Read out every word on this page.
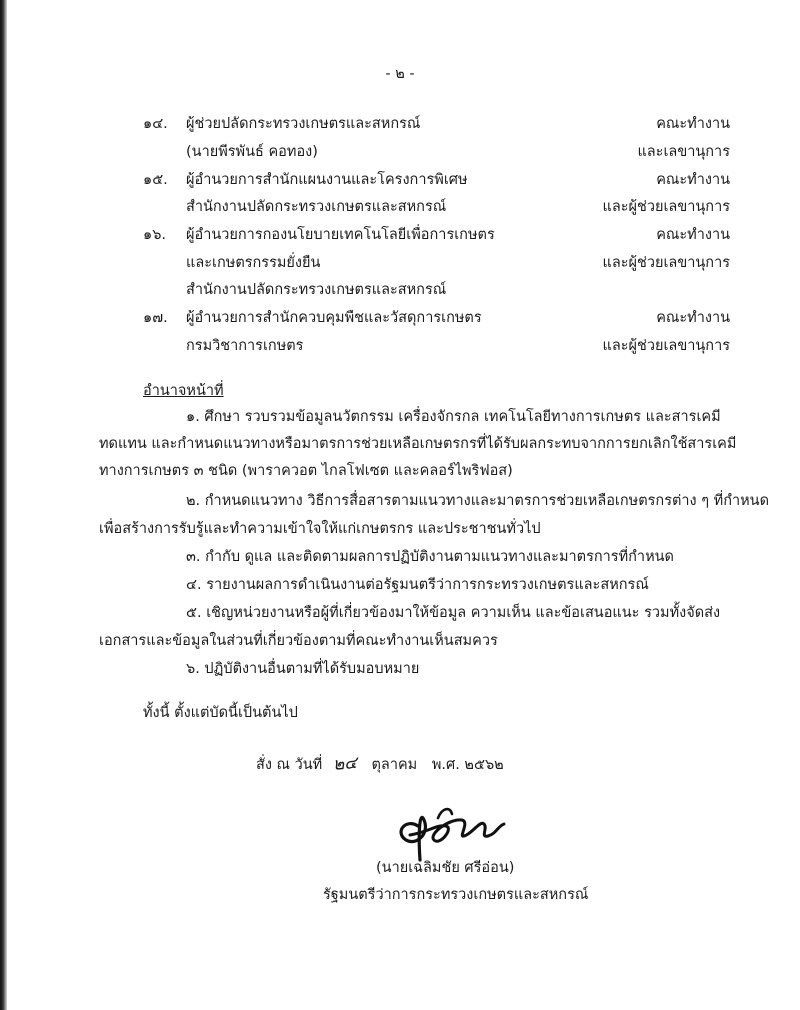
- ๒ -
๑๔. ผู้ช่วยปลัดกระทรวงเกษตรและสหกรณ์
(นายพีรพันธ์ คอทอง)
คณะทำงาน
และเลขานุการ
๑๕. ผู้อำนวยการสำนักแผนงานและโครงการพิเศษ
สำนักงานปลัดกระทรวงเกษตรและสหกรณ์
คณะทำงาน
และผู้ช่วยเลขานุการ
๑๖. ผู้อำนวยการกองนโยบายเทคโนโลยีเพื่อการเกษตร
และเกษตรกรรมยั่งยืน
สำนักงานปลัดกระทรวงเกษตรและสหกรณ์
คณะทำงาน
และผู้ช่วยเลขานุการ
๑๗. ผู้อำนวยการสำนักควบคุมพืชและวัสดุการเกษตร
กรมวิชาการเกษตร
คณะทำงาน
และผู้ช่วยเลขานุการ
อำนาจหน้าที่
๑. ศึกษา รวบรวมข้อมูลนวัตกรรม เครื่องจักรกล เทคโนโลยีทางการเกษตร และสารเคมี
ทดแทน และกำหนดแนวทางหรือมาตรการช่วยเหลือเกษตรกรที่ได้รับผลกระทบจากการยกเลิกใช้สารเคมี
ทางการเกษตร ๓ ชนิด (พาราควอต ไกลโฟเซต และคลอร์ไพริฟอส)
๒. กำหนดแนวทาง วิธีการสื่อสารตามแนวทางและมาตรการช่วยเหลือเกษตรกรต่าง ๆ ที่กำหนด
เพื่อสร้างการรับรู้และทำความเข้าใจให้แก่เกษตรกร และประชาชนทั่วไป
๓. กำกับ ดูแล และติดตามผลการปฏิบัติงานตามแนวทางและมาตรการที่กำหนด
๔. รายงานผลการดำเนินงานต่อรัฐมนตรีว่าการกระทรวงเกษตรและสหกรณ์
๕. เชิญหน่วยงานหรือผู้ที่เกี่ยวข้องมาให้ข้อมูล ความเห็น และข้อเสนอแนะ รวมทั้งจัดส่ง
เอกสารและข้อมูลในส่วนที่เกี่ยวข้องตามที่คณะทำงานเห็นสมควร
๖. ปฏิบัติงานอื่นตามที่ได้รับมอบหมาย
ทั้งนี้ ตั้งแต่บัดนี้เป็นต้นไป
สั่ง ณ วันที่ ๒๔ ตุลาคม พ.ศ. ๒๕๖๒
(นายเฉลิมชัย ศรีอ่อน)
รัฐมนตรีว่าการกระทรวงเกษตรและสหกรณ์
